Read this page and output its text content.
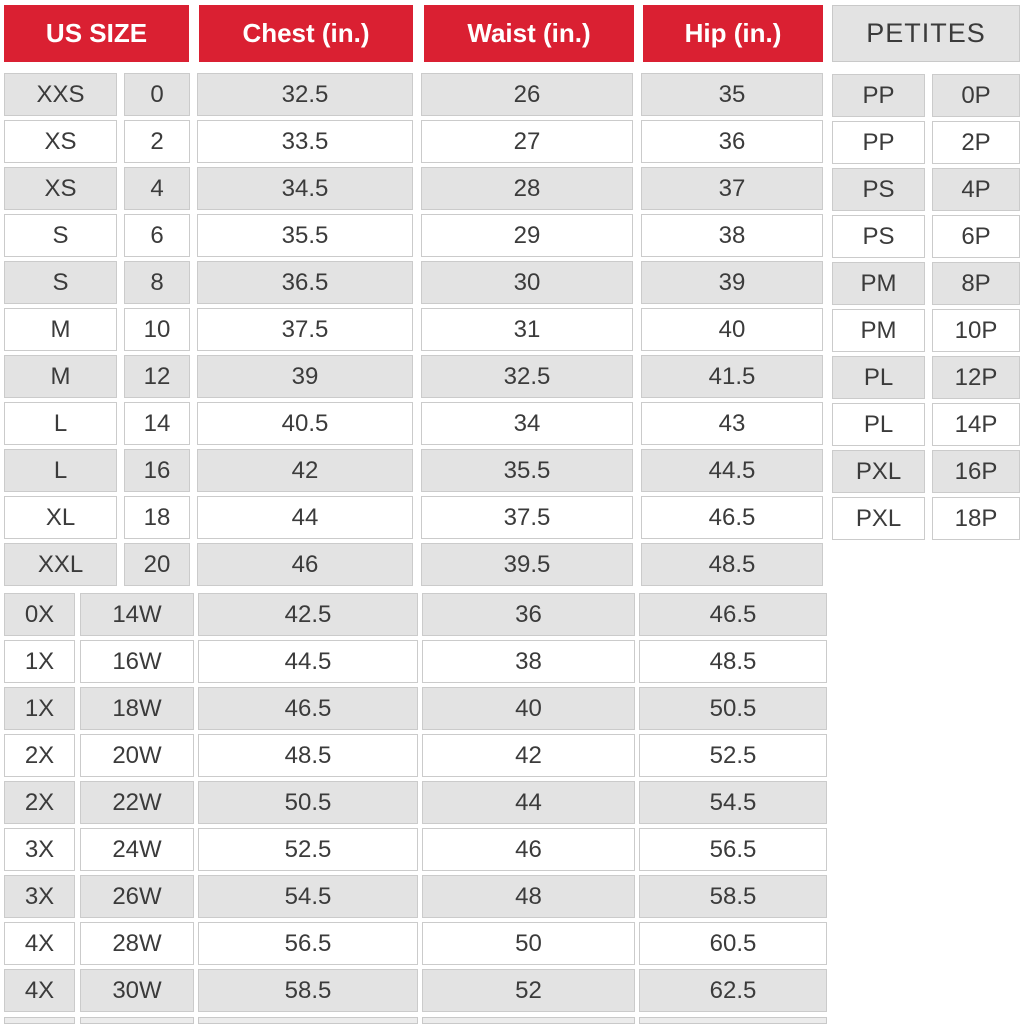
US SIZE	Chest (in.)	Waist (in.)	Hip (in.)	PETITES
XXS	0	32.5	26	35
XS	2	33.5	27	36
XS	4	34.5	28	37
S	6	35.5	29	38
S	8	36.5	30	39
M	10	37.5	31	40
M	12	39	32.5	41.5
L	14	40.5	34	43
L	16	42	35.5	44.5
XL	18	44	37.5	46.5
XXL	20	46	39.5	48.5
0X	14W	42.5	36	46.5
1X	16W	44.5	38	48.5
1X	18W	46.5	40	50.5
2X	20W	48.5	42	52.5
2X	22W	50.5	44	54.5
3X	24W	52.5	46	56.5
3X	26W	54.5	48	58.5
4X	28W	56.5	50	60.5
4X	30W	58.5	52	62.5
PP	0P
PP	2P
PS	4P
PS	6P
PM	8P
PM	10P
PL	12P
PL	14P
PXL	16P
PXL	18P
